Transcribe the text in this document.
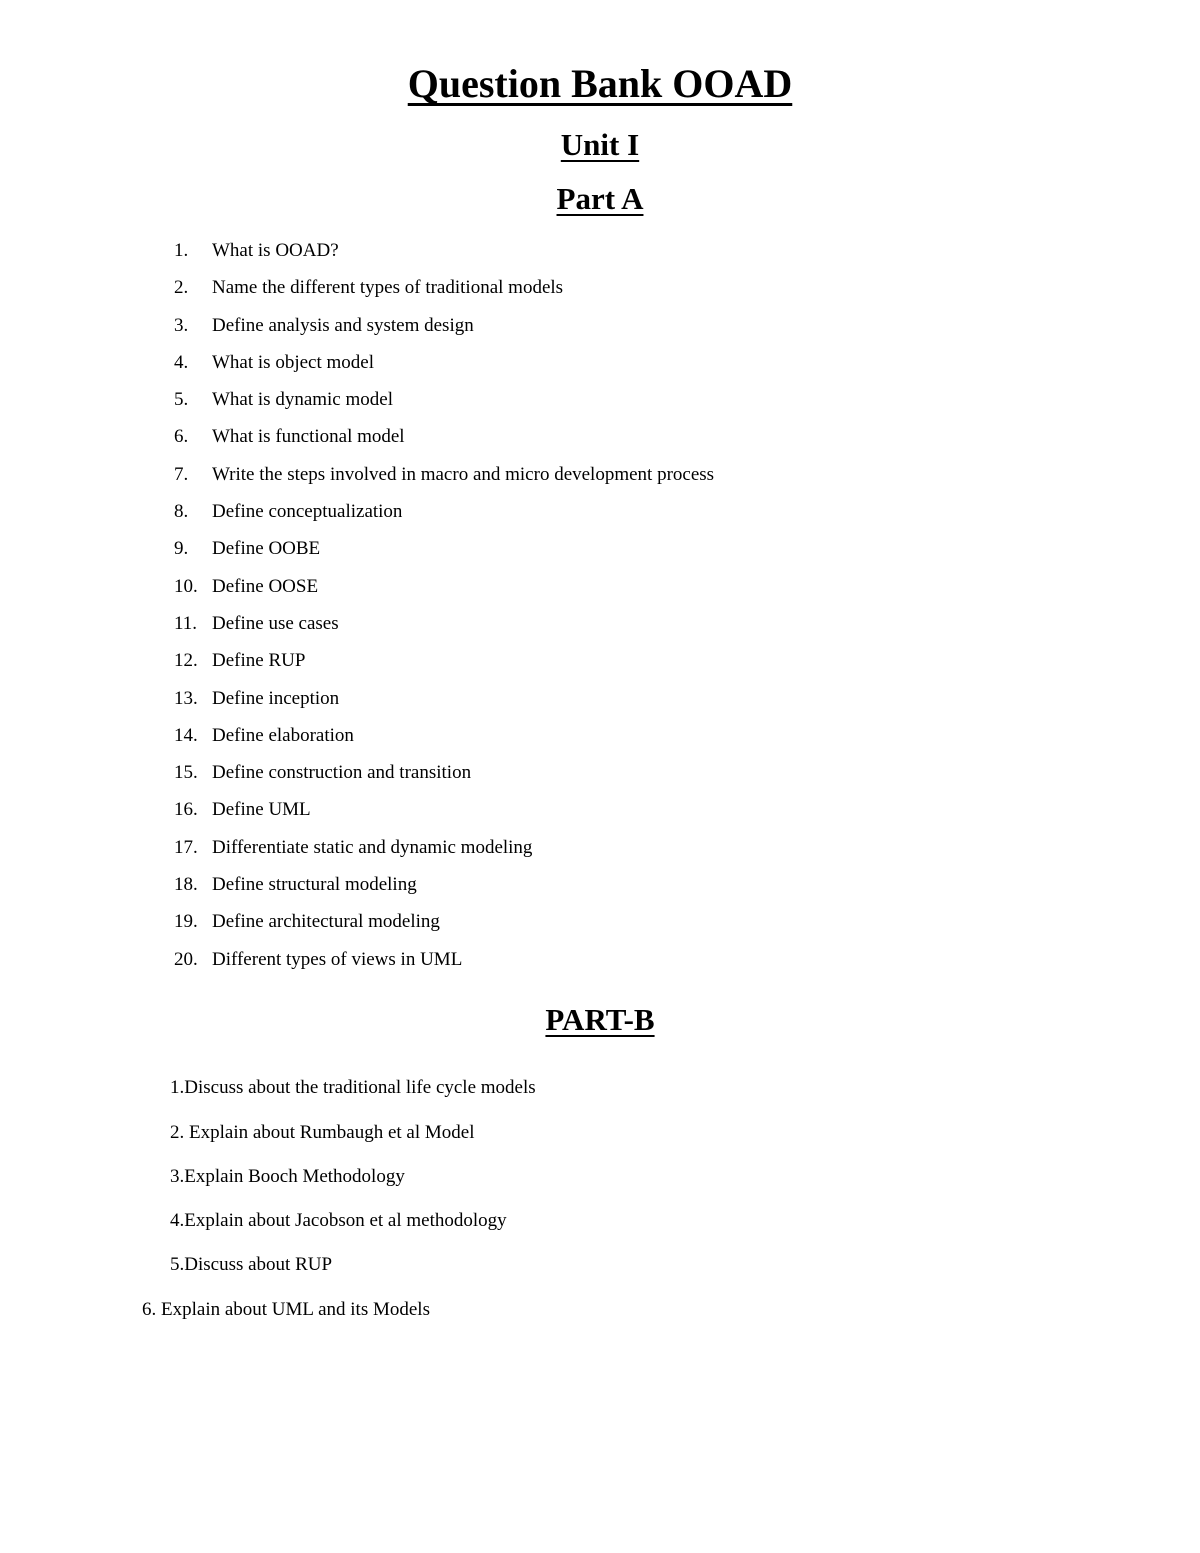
Question Bank OOAD
Unit I
Part A
1. What is OOAD?
2. Name the different types of traditional models
3. Define analysis and system design
4. What is object model
5. What is dynamic model
6. What is functional model
7. Write the steps involved in macro and micro development process
8. Define conceptualization
9. Define OOBE
10. Define OOSE
11. Define use cases
12. Define RUP
13. Define inception
14. Define elaboration
15. Define construction and transition
16. Define UML
17. Differentiate static and dynamic modeling
18. Define structural modeling
19. Define architectural modeling
20. Different types of views in UML
PART-B
1.Discuss about the traditional life cycle models
2. Explain about Rumbaugh et al Model
3.Explain Booch Methodology
4.Explain about Jacobson et al methodology
5.Discuss about RUP
6. Explain about UML and its Models
